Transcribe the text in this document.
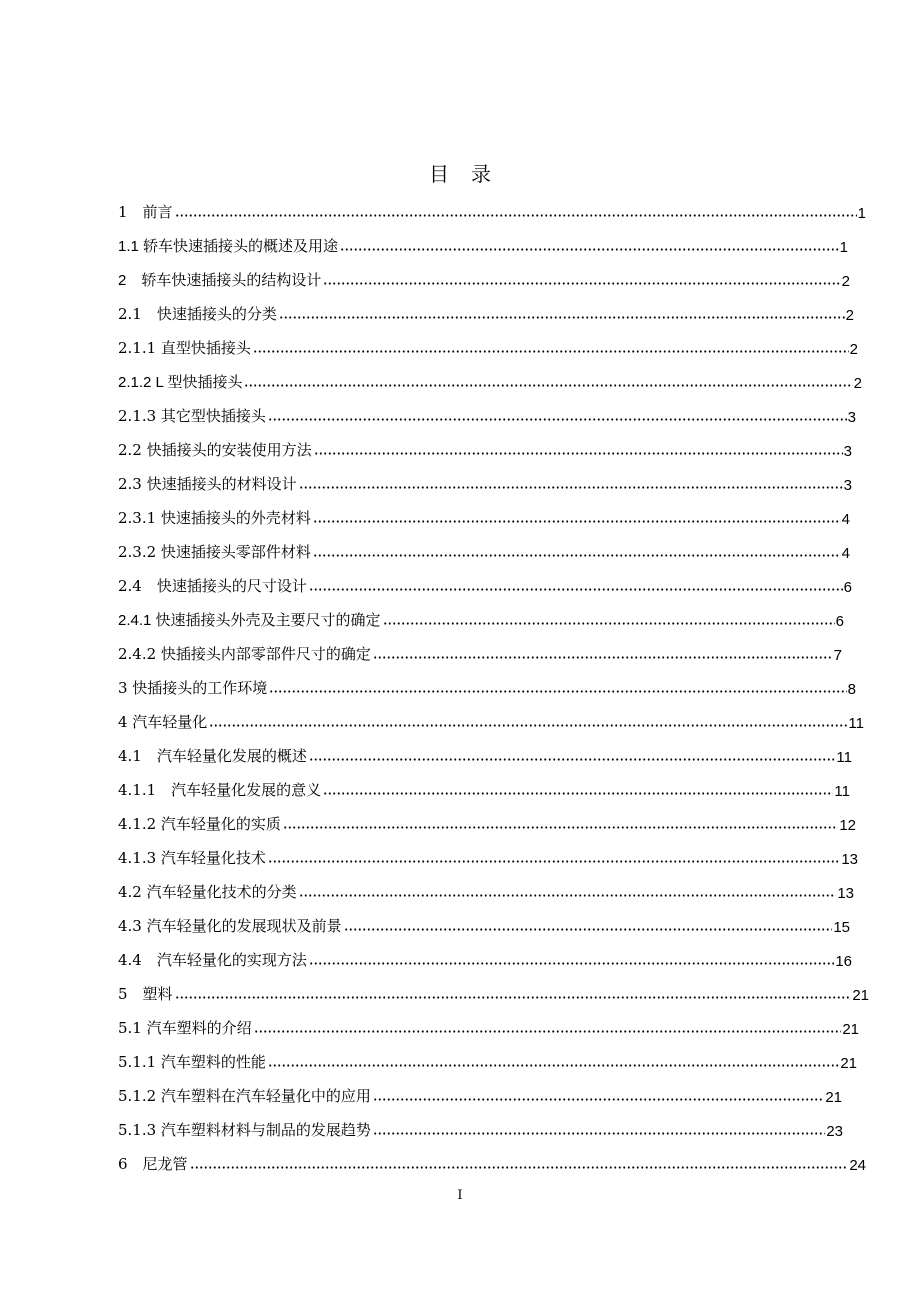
目录
1　前言	1
1.1 轿车快速插接头的概述及用途	1
2　轿车快速插接头的结构设计	2
2.1　快速插接头的分类	2
2.1.1 直型快插接头	2
2.1.2 L 型快插接头	2
2.1.3 其它型快插接头	3
2.2 快插接头的安装使用方法	3
2.3 快速插接头的材料设计	3
2.3.1 快速插接头的外壳材料	4
2.3.2 快速插接头零部件材料	4
2.4　快速插接头的尺寸设计	6
2.4.1 快速插接头外壳及主要尺寸的确定	6
2.4.2 快插接头内部零部件尺寸的确定	7
3 快插接头的工作环境	8
4 汽车轻量化	11
4.1　汽车轻量化发展的概述	11
4.1.1　汽车轻量化发展的意义	11
4.1.2 汽车轻量化的实质	12
4.1.3 汽车轻量化技术	13
4.2 汽车轻量化技术的分类	13
4.3 汽车轻量化的发展现状及前景	15
4.4　汽车轻量化的实现方法	16
5　塑料	21
5.1 汽车塑料的介绍	21
5.1.1 汽车塑料的性能	21
5.1.2 汽车塑料在汽车轻量化中的应用	21
5.1.3 汽车塑料材料与制品的发展趋势	23
6　尼龙管	24
I
